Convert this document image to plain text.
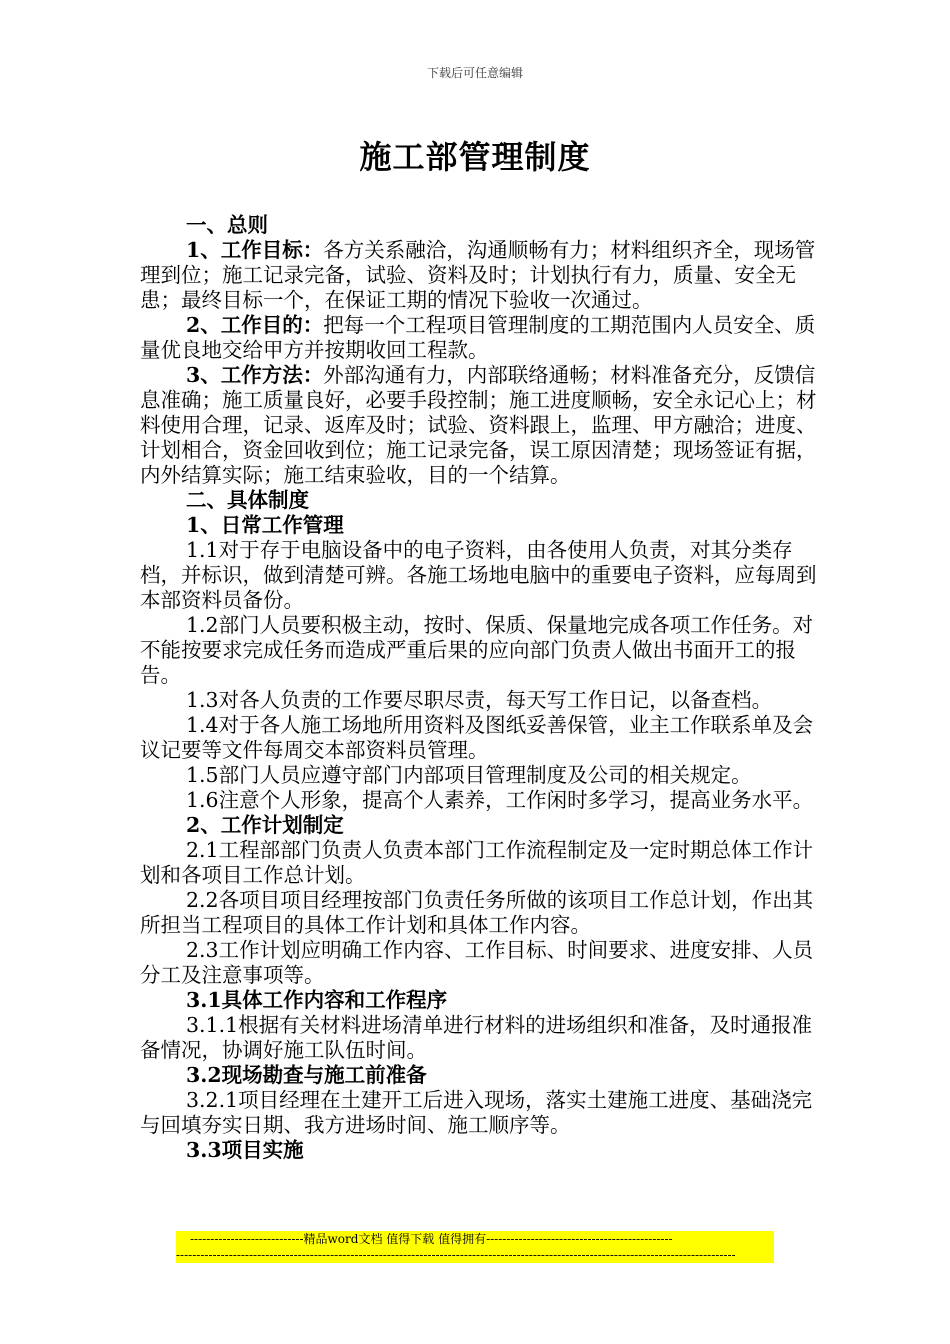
下载后可任意编辑
施工部管理制度

一、总则

1、工作目标：各方关系融洽，沟通顺畅有力；材料组织齐全，现场管理到位；施工记录完备，试验、资料及时；计划执行有力，质量、安全无患；最终目标一个，在保证工期的情况下验收一次通过。

2、工作目的：把每一个工程项目管理制度的工期范围内人员安全、质量优良地交给甲方并按期收回工程款。

3、工作方法：外部沟通有力，内部联络通畅；材料准备充分，反馈信息准确；施工质量良好，必要手段控制；施工进度顺畅，安全永记心上；材料使用合理，记录、返库及时；试验、资料跟上，监理、甲方融洽；进度、计划相合，资金回收到位；施工记录完备，误工原因清楚；现场签证有据，内外结算实际；施工结束验收，目的一个结算。

二、具体制度

1、日常工作管理

1.1对于存于电脑设备中的电子资料，由各使用人负责，对其分类存档，并标识，做到清楚可辨。各施工场地电脑中的重要电子资料，应每周到本部资料员备份。

1.2部门人员要积极主动，按时、保质、保量地完成各项工作任务。对不能按要求完成任务而造成严重后果的应向部门负责人做出书面开工的报告。

1.3对各人负责的工作要尽职尽责，每天写工作日记，以备查档。

1.4对于各人施工场地所用资料及图纸妥善保管，业主工作联系单及会议记要等文件每周交本部资料员管理。

1.5部门人员应遵守部门内部项目管理制度及公司的相关规定。

1.6注意个人形象，提高个人素养，工作闲时多学习，提高业务水平。

2、工作计划制定

2.1工程部部门负责人负责本部门工作流程制定及一定时期总体工作计划和各项目工作总计划。

2.2各项目项目经理按部门负责任务所做的该项目工作总计划，作出其所担当工程项目的具体工作计划和具体工作内容。

2.3工作计划应明确工作内容、工作目标、时间要求、进度安排、人员分工及注意事项等。

3.1具体工作内容和工作程序

3.1.1根据有关材料进场清单进行材料的进场组织和准备，及时通报准备情况，协调好施工队伍时间。

3.2现场勘查与施工前准备

3.2.1项目经理在土建开工后进入现场，落实土建施工进度、基础浇完与回填夯实日期、我方进场时间、施工顺序等。

3.3项目实施

----------------------------精品word文档 值得下载 值得拥有----------------------------------------------
------------------------------------------------------------------------------------------------------------------------------------------
